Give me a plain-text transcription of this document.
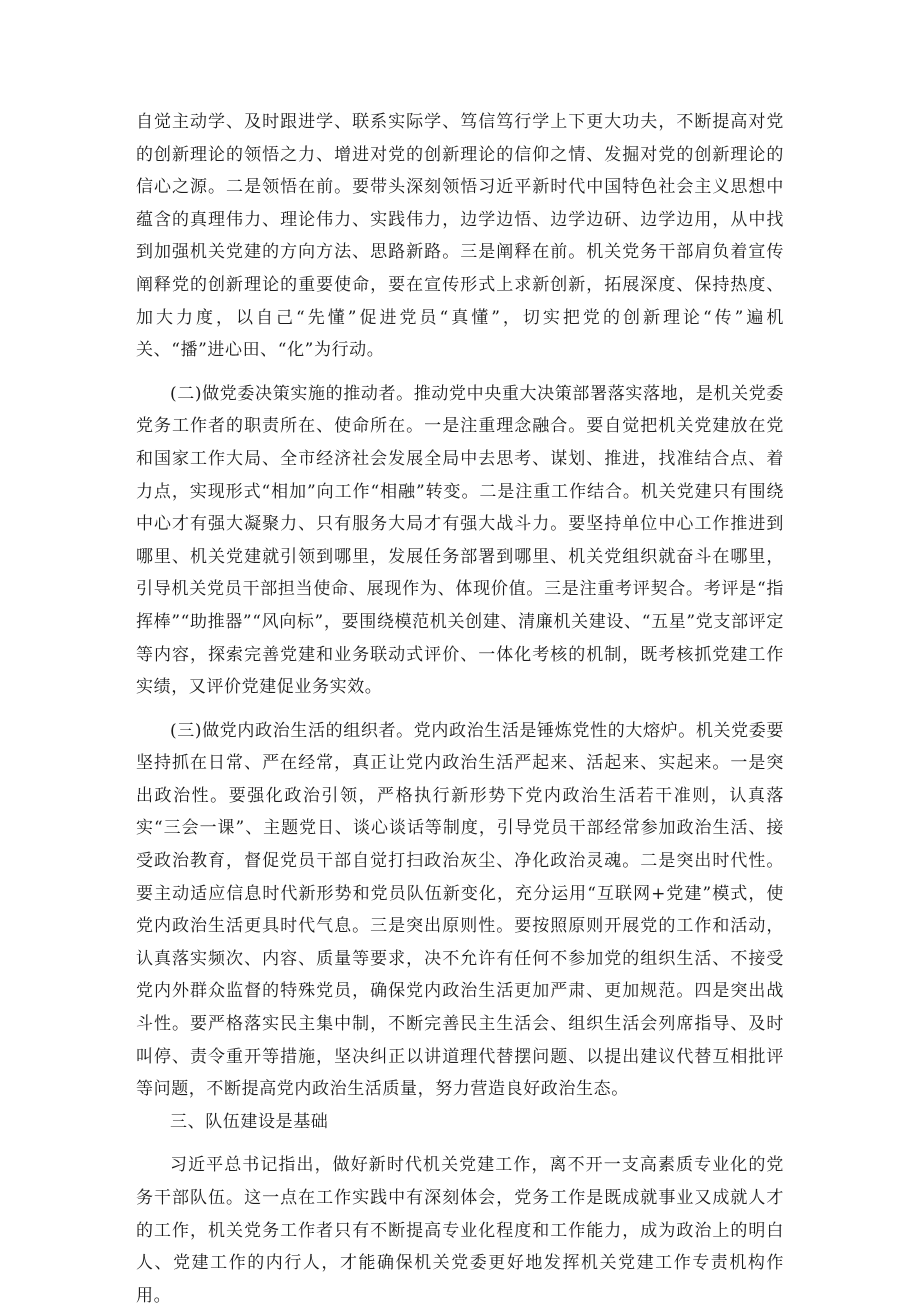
自觉主动学、及时跟进学、联系实际学、笃信笃行学上下更大功夫，不断提高对党的创新理论的领悟之力、增进对党的创新理论的信仰之情、发掘对党的创新理论的信心之源。二是领悟在前。要带头深刻领悟习近平新时代中国特色社会主义思想中蕴含的真理伟力、理论伟力、实践伟力，边学边悟、边学边研、边学边用，从中找到加强机关党建的方向方法、思路新路。三是阐释在前。机关党务干部肩负着宣传阐释党的创新理论的重要使命，要在宣传形式上求新创新，拓展深度、保持热度、加大力度，以自己“先懂”促进党员“真懂”，切实把党的创新理论“传”遍机关、“播”进心田、“化”为行动。

(二)做党委决策实施的推动者。推动党中央重大决策部署落实落地，是机关党委党务工作者的职责所在、使命所在。一是注重理念融合。要自觉把机关党建放在党和国家工作大局、全市经济社会发展全局中去思考、谋划、推进，找准结合点、着力点，实现形式“相加”向工作“相融”转变。二是注重工作结合。机关党建只有围绕中心才有强大凝聚力、只有服务大局才有强大战斗力。要坚持单位中心工作推进到哪里、机关党建就引领到哪里，发展任务部署到哪里、机关党组织就奋斗在哪里，引导机关党员干部担当使命、展现作为、体现价值。三是注重考评契合。考评是“指挥棒”“助推器”“风向标”，要围绕模范机关创建、清廉机关建设、“五星”党支部评定等内容，探索完善党建和业务联动式评价、一体化考核的机制，既考核抓党建工作实绩，又评价党建促业务实效。

(三)做党内政治生活的组织者。党内政治生活是锤炼党性的大熔炉。机关党委要坚持抓在日常、严在经常，真正让党内政治生活严起来、活起来、实起来。一是突出政治性。要强化政治引领，严格执行新形势下党内政治生活若干准则，认真落实“三会一课”、主题党日、谈心谈话等制度，引导党员干部经常参加政治生活、接受政治教育，督促党员干部自觉打扫政治灰尘、净化政治灵魂。二是突出时代性。要主动适应信息时代新形势和党员队伍新变化，充分运用“互联网+党建”模式，使党内政治生活更具时代气息。三是突出原则性。要按照原则开展党的工作和活动，认真落实频次、内容、质量等要求，决不允许有任何不参加党的组织生活、不接受党内外群众监督的特殊党员，确保党内政治生活更加严肃、更加规范。四是突出战斗性。要严格落实民主集中制，不断完善民主生活会、组织生活会列席指导、及时叫停、责令重开等措施，坚决纠正以讲道理代替摆问题、以提出建议代替互相批评等问题，不断提高党内政治生活质量，努力营造良好政治生态。

三、队伍建设是基础

习近平总书记指出，做好新时代机关党建工作，离不开一支高素质专业化的党务干部队伍。这一点在工作实践中有深刻体会，党务工作是既成就事业又成就人才的工作，机关党务工作者只有不断提高专业化程度和工作能力，成为政治上的明白人、党建工作的内行人，才能确保机关党委更好地发挥机关党建工作专责机构作用。
